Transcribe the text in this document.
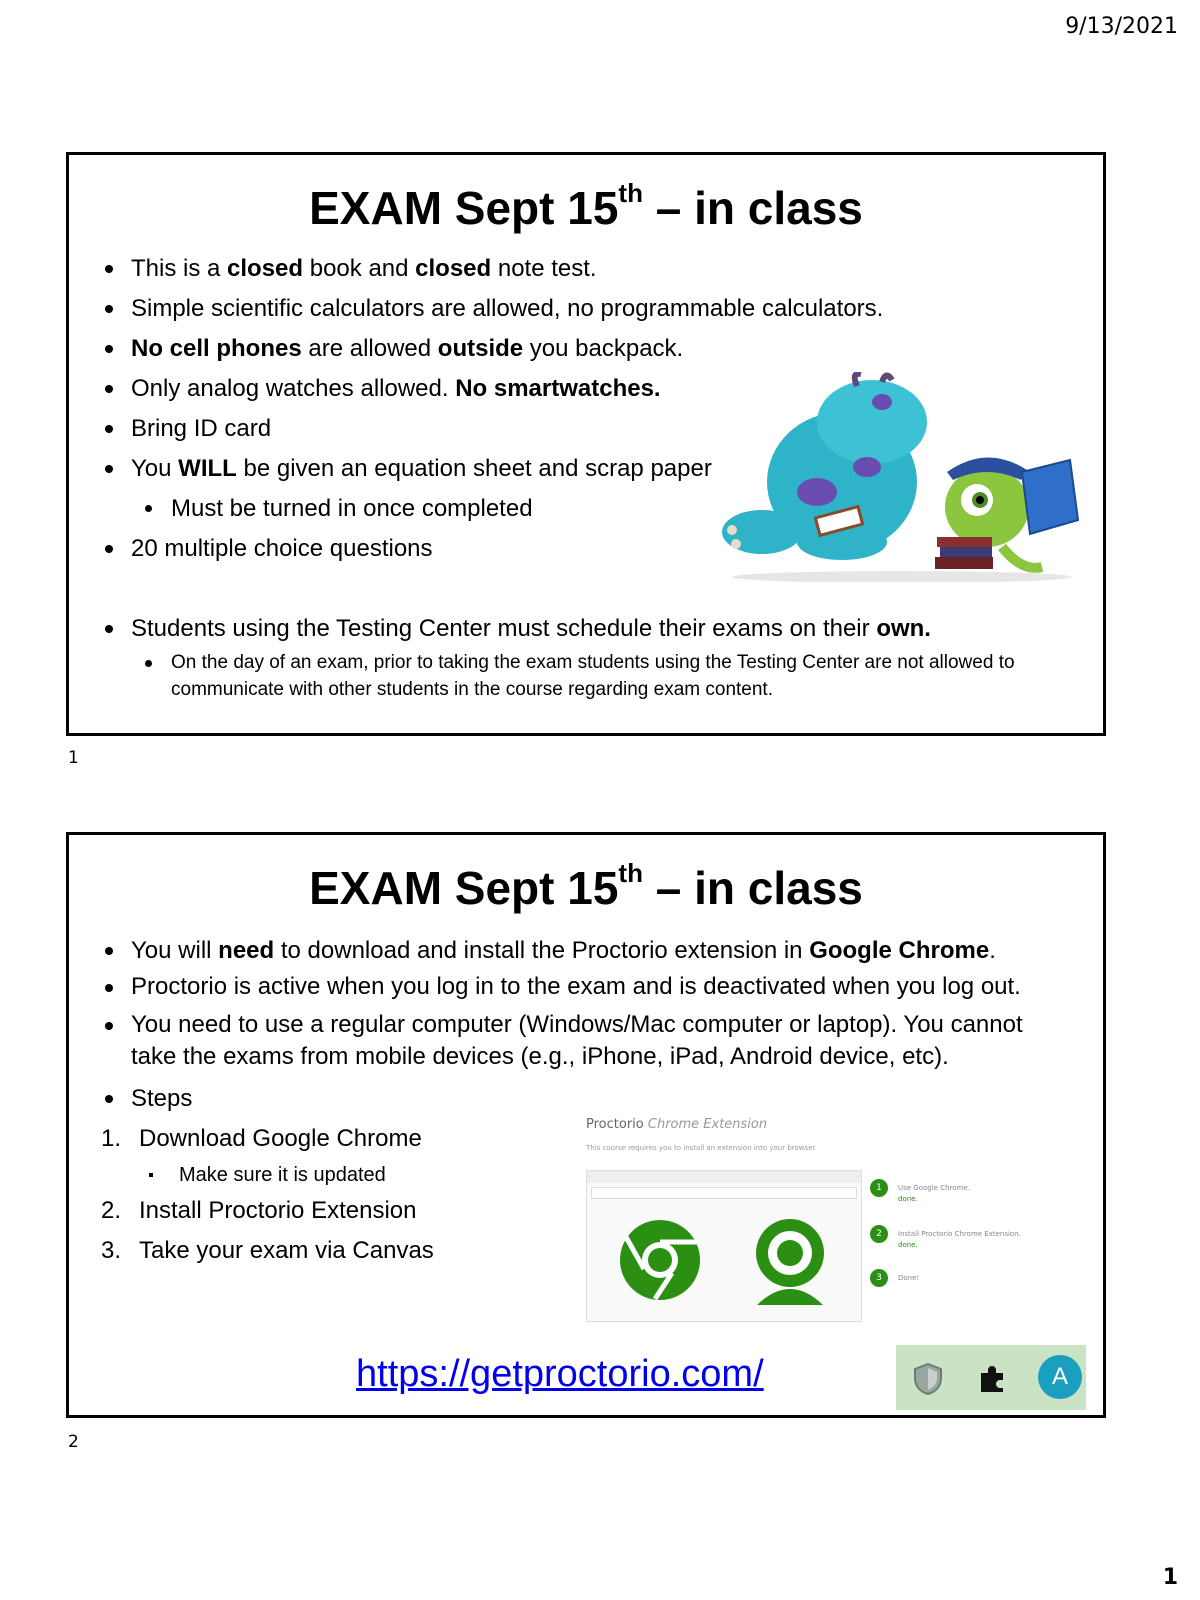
9/13/2021
EXAM Sept 15th – in class
This is a closed book and closed note test.
Simple scientific calculators are allowed, no programmable calculators.
No cell phones are allowed outside you backpack.
Only analog watches allowed. No smartwatches.
Bring ID card
You WILL be given an equation sheet and scrap paper
Must be turned in once completed
20 multiple choice questions
Students using the Testing Center must schedule their exams on their own.
On the day of an exam, prior to taking the exam students using the Testing Center are not allowed to communicate with other students in the course regarding exam content.
1
EXAM Sept 15th – in class
You will need to download and install the Proctorio extension in Google Chrome.
Proctorio is active when you log in to the exam and is deactivated when you log out.
You need to use a regular computer (Windows/Mac computer or laptop). You cannot take the exams from mobile devices (e.g., iPhone, iPad, Android device, etc).
Steps
1. Download Google Chrome
Make sure it is updated
2. Install Proctorio Extension
3. Take your exam via Canvas
Proctorio Chrome Extension
This course requires you to install an extension into your browser.
1 Use Google Chrome.
done.
2 Install Proctorio Chrome Extension.
done.
3 Done!
https://getproctorio.com/	A
2
1
